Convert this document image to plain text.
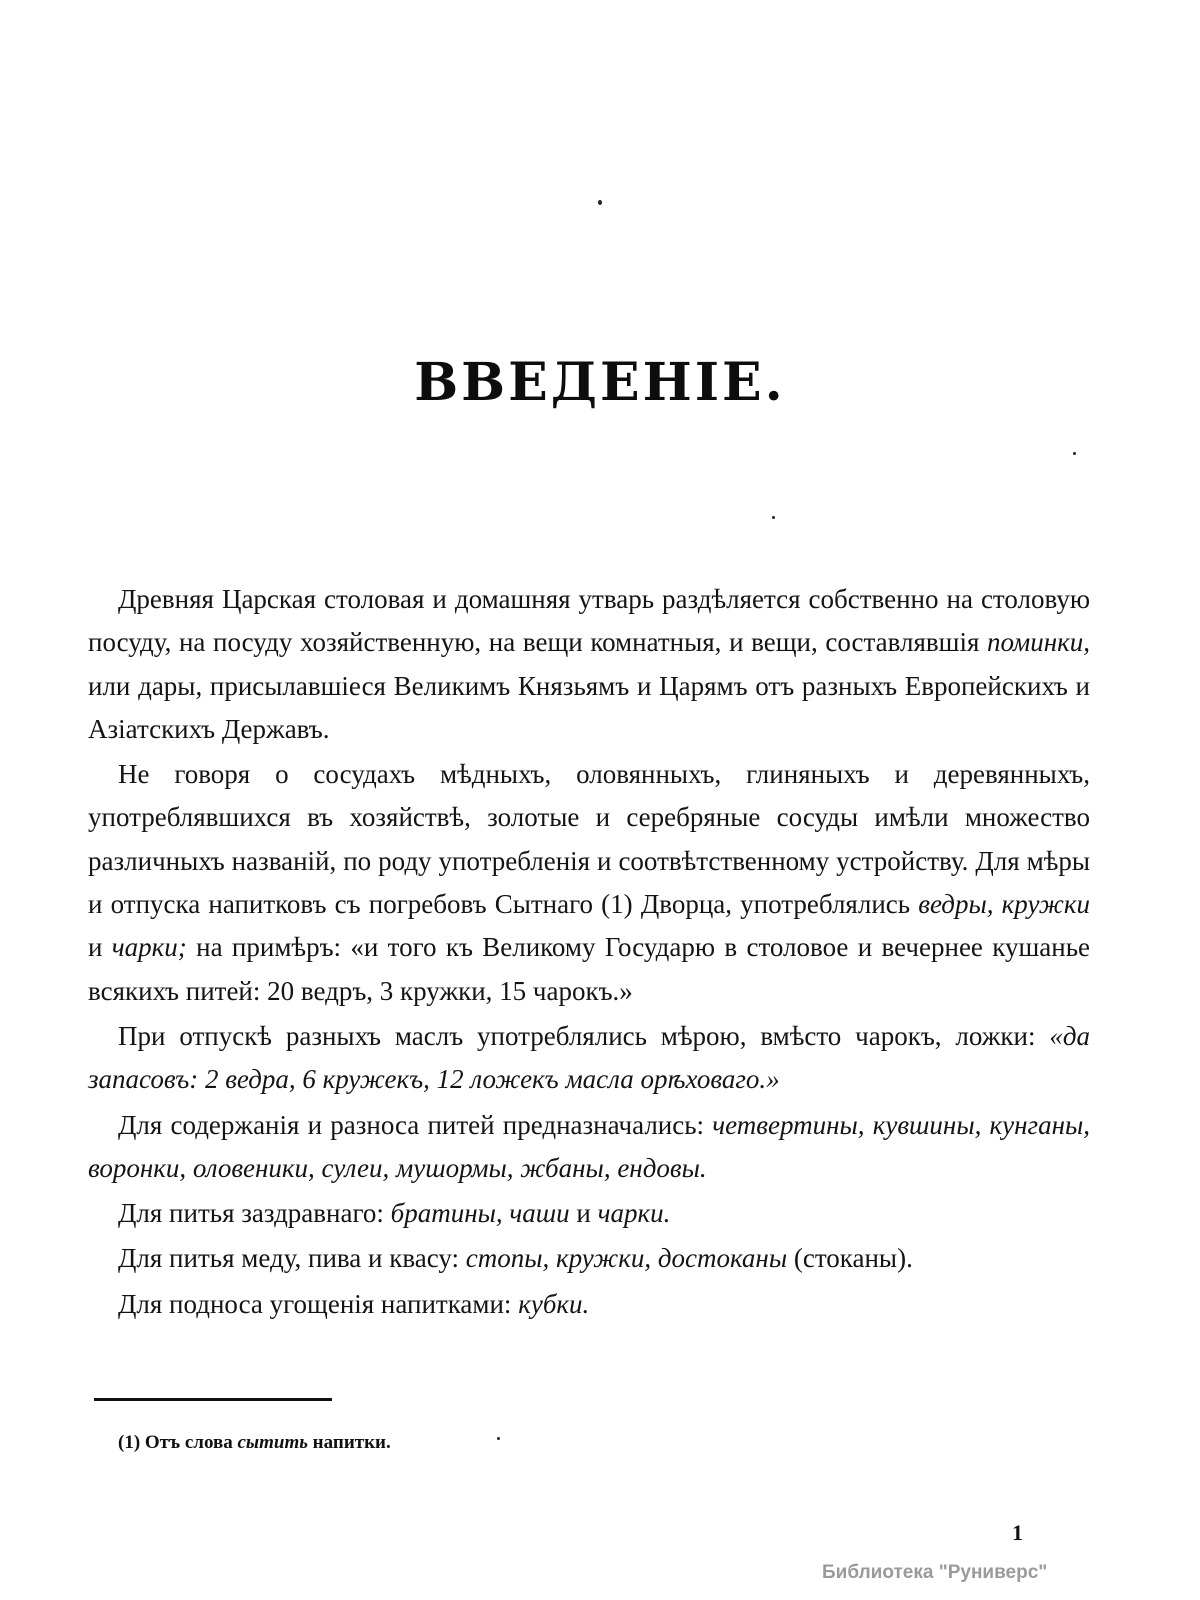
ВВЕДЕНІЕ.

Древняя Царская столовая и домашняя утварь раздѣляется собственно на столовую посуду, на посуду хозяйственную, на вещи комнатныя, и вещи, составлявшія поминки, или дары, присылавшіеся Великимъ Князьямъ и Царямъ отъ разныхъ Европейскихъ и Азіатскихъ Державъ.

Не говоря о сосудахъ мѣдныхъ, оловянныхъ, глиняныхъ и деревянныхъ, употреблявшихся въ хозяйствѣ, золотые и серебряные сосуды имѣли множество различныхъ названій, по роду употребленія и соотвѣтственному устройству. Для мѣры и отпуска напитковъ съ погребовъ Сытнаго (1) Дворца, употреблялись ведры, кружки и чарки; на примѣръ: «и того къ Великому Государю в столовое и вечернее кушанье всякихъ питей: 20 ведръ, 3 кружки, 15 чарокъ.»

При отпускѣ разныхъ маслъ употреблялись мѣрою, вмѣсто чарокъ, ложки: «да запасовъ: 2 ведра, 6 кружекъ, 12 ложекъ масла орѣховаго.»

Для содержанія и разноса питей предназначались: четвертины, кувшины, кунганы, воронки, оловеники, сулеи, мушормы, жбаны, ендовы.

Для питья заздравнаго: братины, чаши и чарки.

Для питья меду, пива и квасу: стопы, кружки, достоканы (стоканы).

Для подноса угощенія напитками: кубки.

(1) Отъ слова сытить напитки.
1
Библиотека "Руниверс"
